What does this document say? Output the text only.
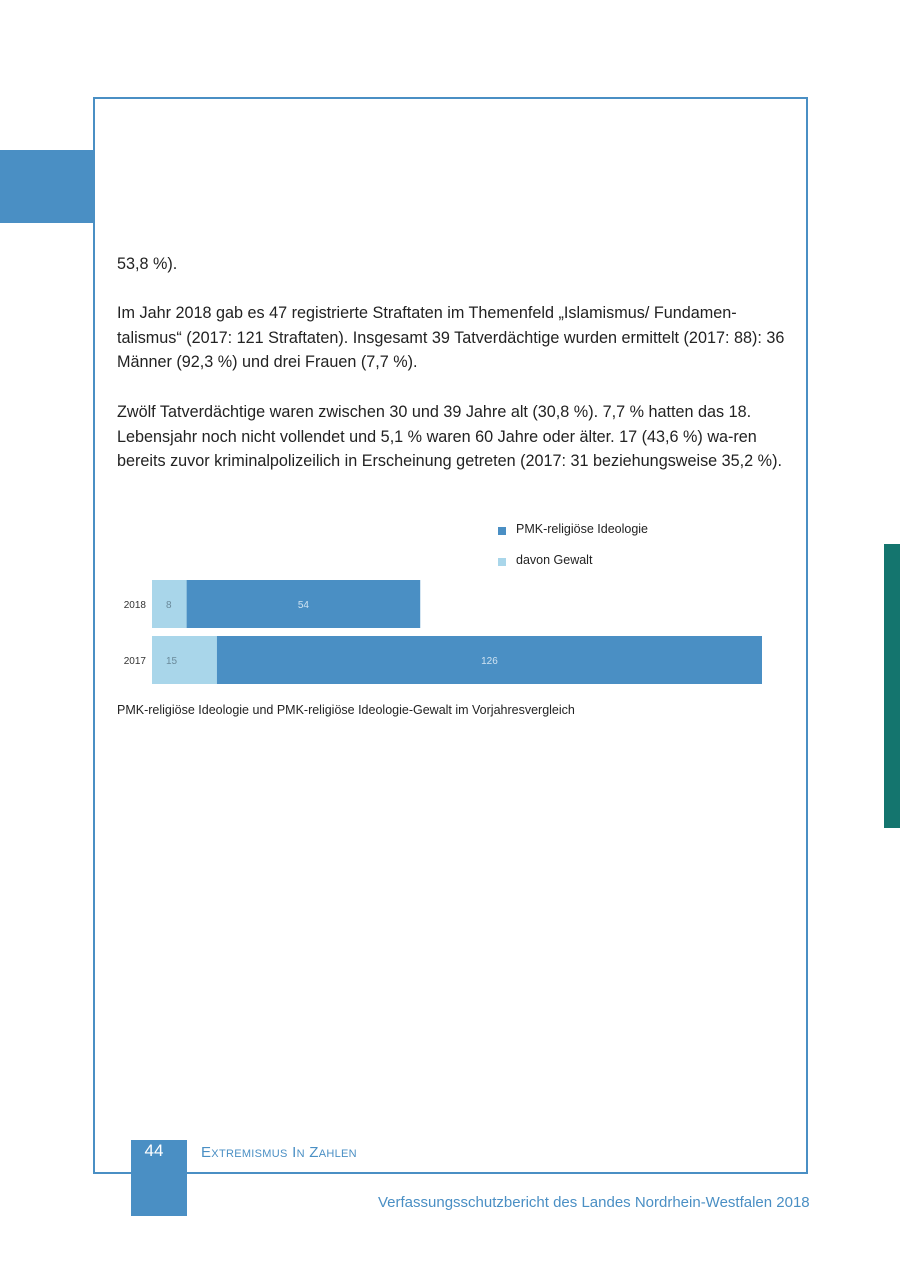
53,8 %).

Im Jahr 2018 gab es 47 registrierte Straftaten im Themenfeld „Islamismus/ Fundamen-talismus“ (2017: 121 Straftaten). Insgesamt 39 Tatverdächtige wurden ermittelt (2017: 88): 36 Männer (92,3 %) und drei Frauen (7,7 %).

Zwölf Tatverdächtige waren zwischen 30 und 39 Jahre alt (30,8 %). 7,7 % hatten das 18. Lebensjahr noch nicht vollendet und 5,1 % waren 60 Jahre oder älter. 17 (43,6 %) wa-ren bereits zuvor kriminalpolizeilich in Erscheinung getreten (2017: 31 beziehungsweise 35,2 %).

2018 8	54
2017 15	126
PMK-religiöse Ideologie
davon Gewalt
PMK-religiöse Ideologie und PMK-religiöse Ideologie-Gewalt im Vorjahresvergleich
44	Extremismus In Zahlen
Verfassungsschutzbericht des Landes Nordrhein-Westfalen 2018
